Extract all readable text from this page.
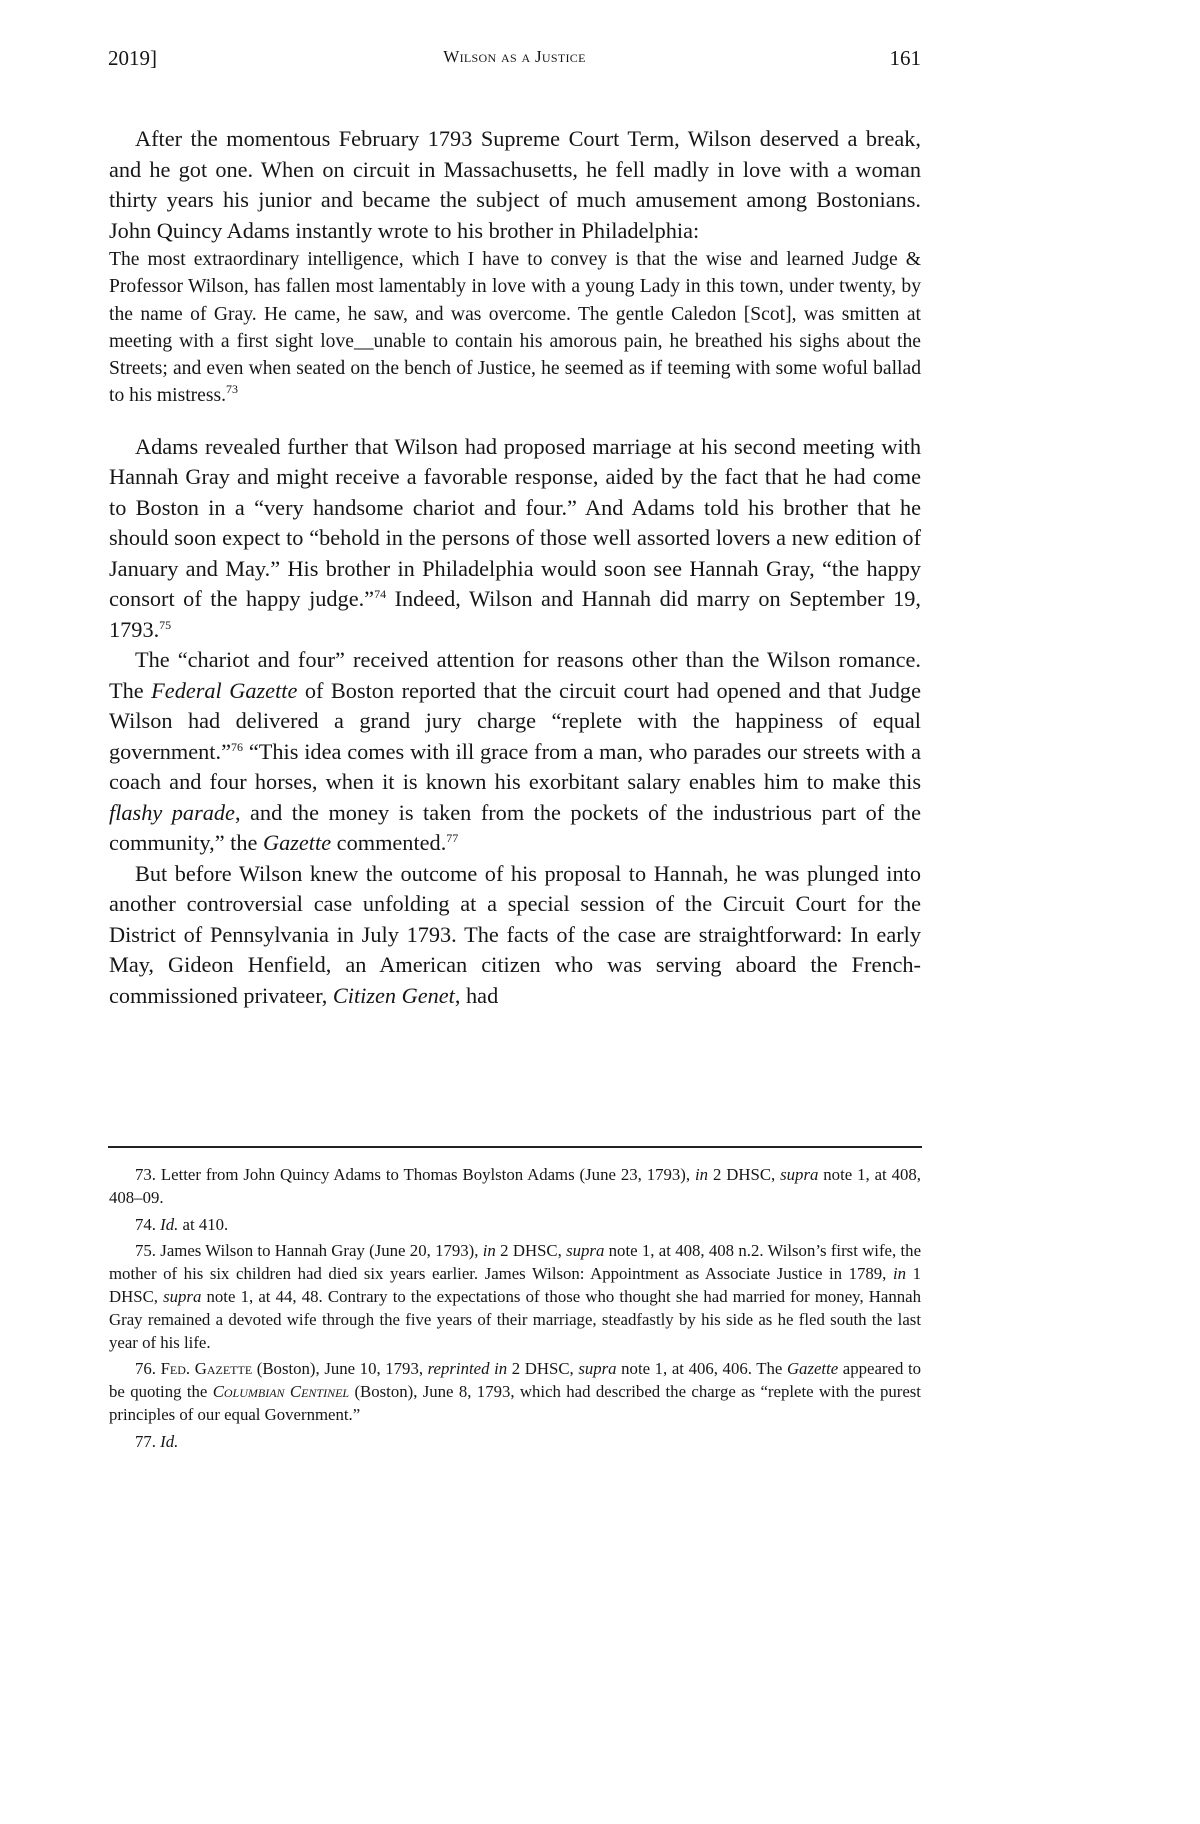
2019]	Wilson as a Justice	161

After the momentous February 1793 Supreme Court Term, Wilson deserved a break, and he got one. When on circuit in Massachusetts, he fell madly in love with a woman thirty years his junior and became the subject of much amusement among Bostonians. John Quincy Adams instantly wrote to his brother in Philadelphia:

The most extraordinary intelligence, which I have to convey is that the wise and learned Judge & Professor Wilson, has fallen most lamentably in love with a young Lady in this town, under twenty, by the name of Gray. He came, he saw, and was overcome. The gentle Caledon [Scot], was smitten at meeting with a first sight love__unable to contain his amorous pain, he breathed his sighs about the Streets; and even when seated on the bench of Justice, he seemed as if teeming with some woful ballad to his mistress.$^{73}$

Adams revealed further that Wilson had proposed marriage at his second meeting with Hannah Gray and might receive a favorable response, aided by the fact that he had come to Boston in a “very handsome chariot and four.” And Adams told his brother that he should soon expect to “behold in the persons of those well assorted lovers a new edition of January and May.” His brother in Philadelphia would soon see Hannah Gray, “the happy consort of the happy judge.”$^{74}$ Indeed, Wilson and Hannah did marry on September 19, 1793.75

The “chariot and four” received attention for reasons other than the Wilson romance. The Federal Gazette of Boston reported that the circuit court had opened and that Judge Wilson had delivered a grand jury charge “replete with the happiness of equal government.”$^{76}$ “This idea comes with ill grace from a man, who parades our streets with a coach and four horses, when it is known his exorbitant salary enables him to make this flashy parade, and the money is taken from the pockets of the industrious part of the community,” the Gazette commented.$^{77}$

But before Wilson knew the outcome of his proposal to Hannah, he was plunged into another controversial case unfolding at a special session of the Circuit Court for the District of Pennsylvania in July 1793. The facts of the case are straightforward: In early May, Gideon Henfield, an American citizen who was serving aboard the French-commissioned privateer, Citizen Genet, had

73. Letter from John Quincy Adams to Thomas Boylston Adams (June 23, 1793), in 2 DHSC, supra note 1, at 408, 408–09.

74. Id. at 410.

75. James Wilson to Hannah Gray (June 20, 1793), in 2 DHSC, supra note 1, at 408, 408 n.2. Wilson’s first wife, the mother of his six children had died six years earlier. James Wilson: Appointment as Associate Justice in 1789, in 1 DHSC, supra note 1, at 44, 48. Contrary to the expectations of those who thought she had married for money, Hannah Gray remained a devoted wife through the five years of their marriage, steadfastly by his side as he fled south the last year of his life.

76. Fed. Gazette (Boston), June 10, 1793, reprinted in 2 DHSC, supra note 1, at 406, 406. The Gazette appeared to be quoting the Columbian Centinel (Boston), June 8, 1793, which had described the charge as “replete with the purest principles of our equal Government.”

77. Id.
